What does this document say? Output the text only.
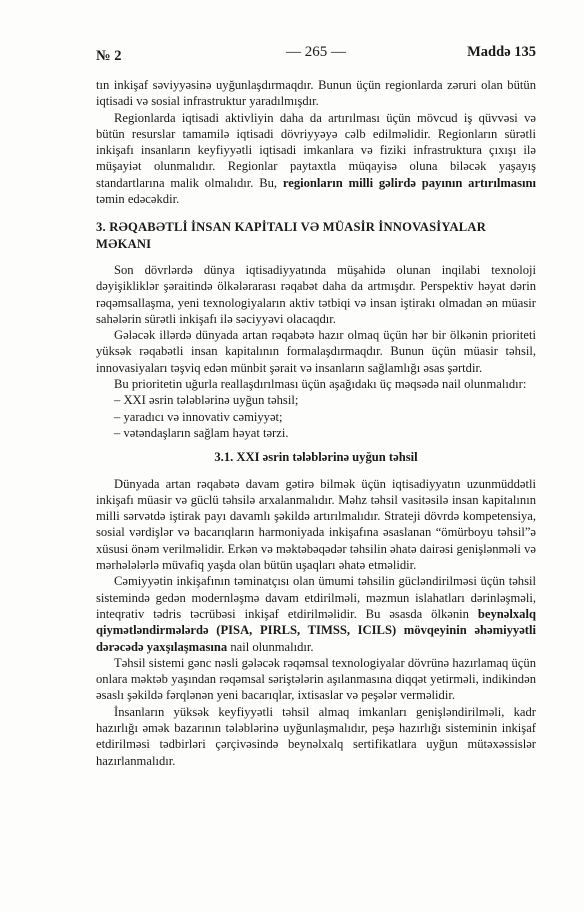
№ 2	— 265 —	Maddə 135

tın inkişaf səviyyəsinə uyğunlaşdırmaqdır. Bunun üçün regionlarda zəruri olan bütün iqtisadi və sosial infrastruktur yaradılmışdır.

Regionlarda iqtisadi aktivliyin daha da artırılması üçün mövcud iş qüvvəsi və bütün resurslar tamamilə iqtisadi dövriyyəyə cəlb edilməlidir. Regionların sürətli inkişafı insanların keyfiyyətli iqtisadi imkanlara və fiziki infrastruktura çıxışı ilə müşayiət olunmalıdır. Regionlar paytaxtla müqayisə oluna biləcək yaşayış standartlarına malik olmalıdır. Bu, regionların milli gəlirdə payının artırılmasını təmin edəcəkdir.

3. RƏQABƏTLİ İNSAN KAPİTALI VƏ MÜASİR İNNOVASİYALAR MƏKANI

Son dövrlərdə dünya iqtisadiyyatında müşahidə olunan inqilabi texnoloji dəyişikliklər şəraitində ölkələrarası rəqabət daha da artmışdır. Perspektiv həyat dərin rəqəmsallaşma, yeni texnologiyaların aktiv tətbiqi və insan iştirakı olmadan ən müasir sahələrin sürətli inkişafı ilə səciyyəvi olacaqdır.

Gələcək illərdə dünyada artan rəqabətə hazır olmaq üçün hər bir ölkənin prioriteti yüksək rəqabətli insan kapitalının formalaşdırmaqdır. Bunun üçün müasir təhsil, innovasiyaları təşviq edən münbit şərait və insanların sağlamlığı əsas şərtdir.

Bu prioritetin uğurla reallaşdırılması üçün aşağıdakı üç məqsədə nail olunmalıdır:

– XXI əsrin tələblərinə uyğun təhsil;
– yaradıcı və innovativ cəmiyyət;
– vətəndaşların sağlam həyat tərzi.
3.1. XXI əsrin tələblərinə uyğun təhsil

Dünyada artan rəqabətə davam gətirə bilmək üçün iqtisadiyyatın uzunmüddətli inkişafı müasir və güclü təhsilə arxalanmalıdır. Məhz təhsil vasitəsilə insan kapitalının milli sərvətdə iştirak payı davamlı şəkildə artırılmalıdır. Strateji dövrdə kompetensiya, sosial vərdişlər və bacarıqların harmoniyada inkişafına əsaslanan “ömürboyu təhsil”ə xüsusi önəm verilməlidir. Erkən və məktəbəqədər təhsilin əhatə dairəsi genişlənməli və mərhələlərlə müvafiq yaşda olan bütün uşaqları əhatə etməlidir.

Cəmiyyətin inkişafının təminatçısı olan ümumi təhsilin gücləndirilməsi üçün təhsil sistemində gedən modernləşmə davam etdirilməli, məzmun islahatları dərinləşməli, inteqrativ tədris təcrübəsi inkişaf etdirilməlidir. Bu əsasda ölkənin beynəlxalq qiymətləndirmələrdə (PISA, PIRLS, TIMSS, ICILS) mövqeyinin əhəmiyyətli dərəcədə yaxşılaşmasına nail olunmalıdır.

Təhsil sistemi gənc nəsli gələcək rəqəmsal texnologiyalar dövrünə hazırlamaq üçün onlara məktəb yaşından rəqəmsal səriştələrin aşılanmasına diqqət yetirməli, indikindən əsaslı şəkildə fərqlənən yeni bacarıqlar, ixtisaslar və peşələr verməlidir.

İnsanların yüksək keyfiyyətli təhsil almaq imkanları genişləndirilməli, kadr hazırlığı əmək bazarının tələblərinə uyğunlaşmalıdır, peşə hazırlığı sisteminin inkişaf etdirilməsi tədbirləri çərçivəsində beynəlxalq sertifikatlara uyğun mütəxəssislər hazırlanmalıdır.
